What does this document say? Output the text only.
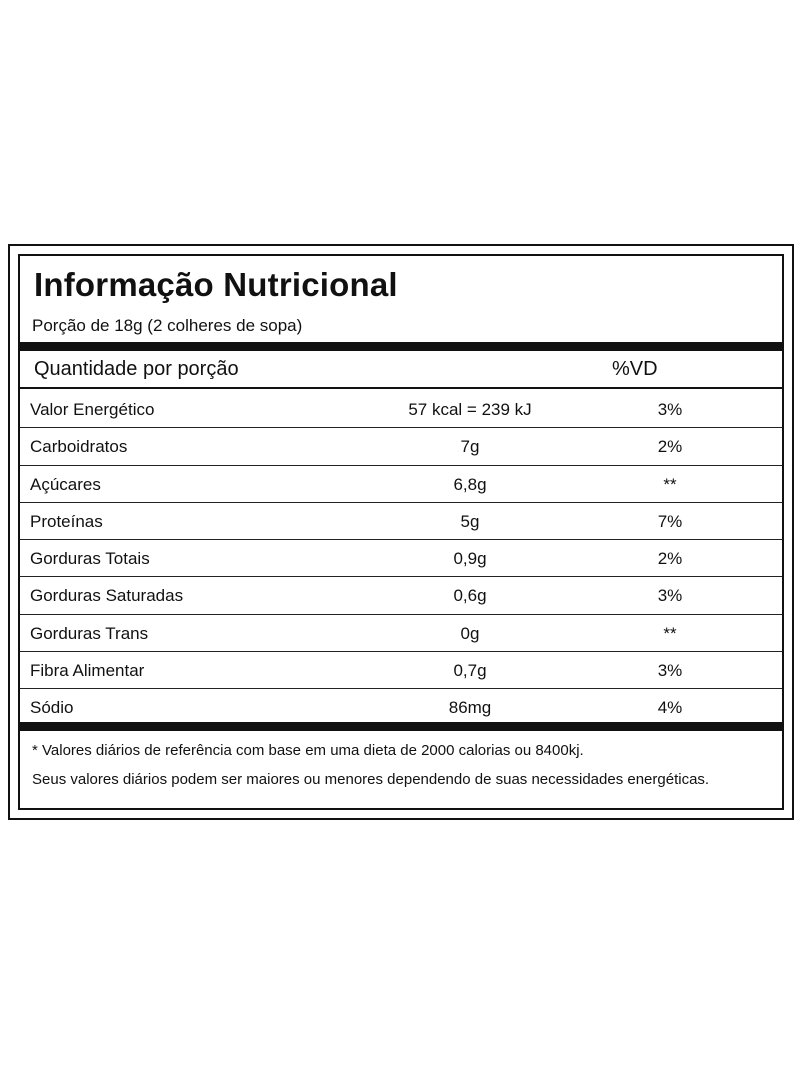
Informação Nutricional
Porção de 18g (2 colheres de sopa)
Quantidade por porção	%VD
Valor Energético	57 kcal = 239 kJ	3%
Carboidratos	7g	2%
Açúcares	6,8g	**
Proteínas	5g	7%
Gorduras Totais	0,9g	2%
Gorduras Saturadas	0,6g	3%
Gorduras Trans	0g	**
Fibra Alimentar	0,7g	3%
Sódio	86mg	4%

* Valores diários de referência com base em uma dieta de 2000 calorias ou 8400kj.

Seus valores diários podem ser maiores ou menores dependendo de suas necessidades energéticas.
